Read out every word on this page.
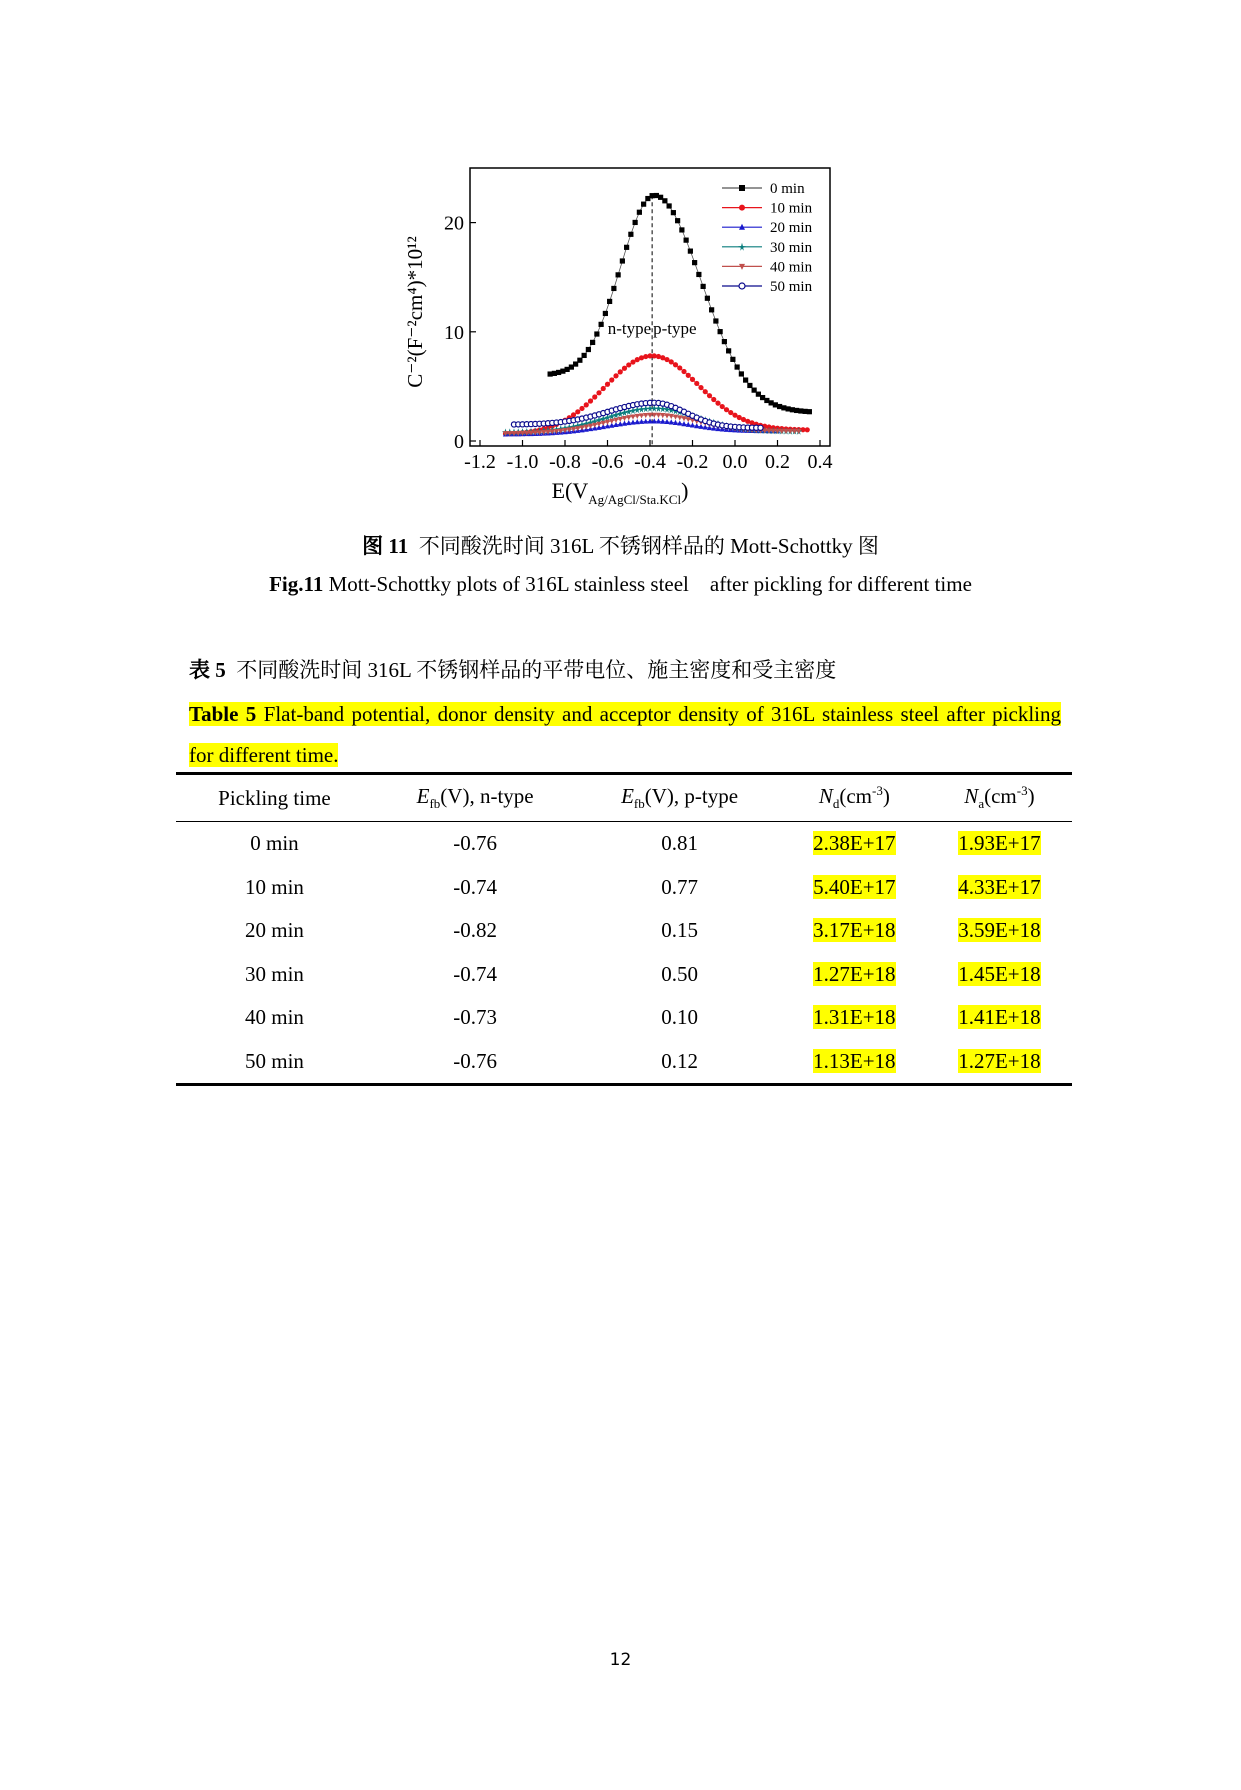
-1.2 -1.0 -0.8 -0.6 -0.4 -0.2 0.0 0.2 0.4
0
10
20
n-type p-type
0 min
10 min
20 min
30 min
40 min
50 min
C⁻²(F⁻²cm⁴)*10¹²
$E(V_{Ag/AgCl/Sta.KCl})$
图 11 不同酸洗时间 316L 不锈钢样品的 Mott-Schottky 图
Fig.11 Mott-Schottky plots of 316L stainless steel    after pickling for different time
表 5 不同酸洗时间 316L 不锈钢样品的平带电位、施主密度和受主密度
Table 5 Flat-band potential, donor density and acceptor density of 316L stainless steel after pickling for different time.
Pickling time	$E_{fb}(V)$, n-type	$E_{fb}(V)$, p-type	$N_d(cm^{-3})$	$N_a(cm^{-3})$
0 min	-0.76	0.81	2.38E+17	1.93E+17
10 min	-0.74	0.77	5.40E+17	4.33E+17
20 min	-0.82	0.15	3.17E+18	3.59E+18
30 min	-0.74	0.50	1.27E+18	1.45E+18
40 min	-0.73	0.10	1.31E+18	1.41E+18
50 min	-0.76	0.12	1.13E+18	1.27E+18
12
